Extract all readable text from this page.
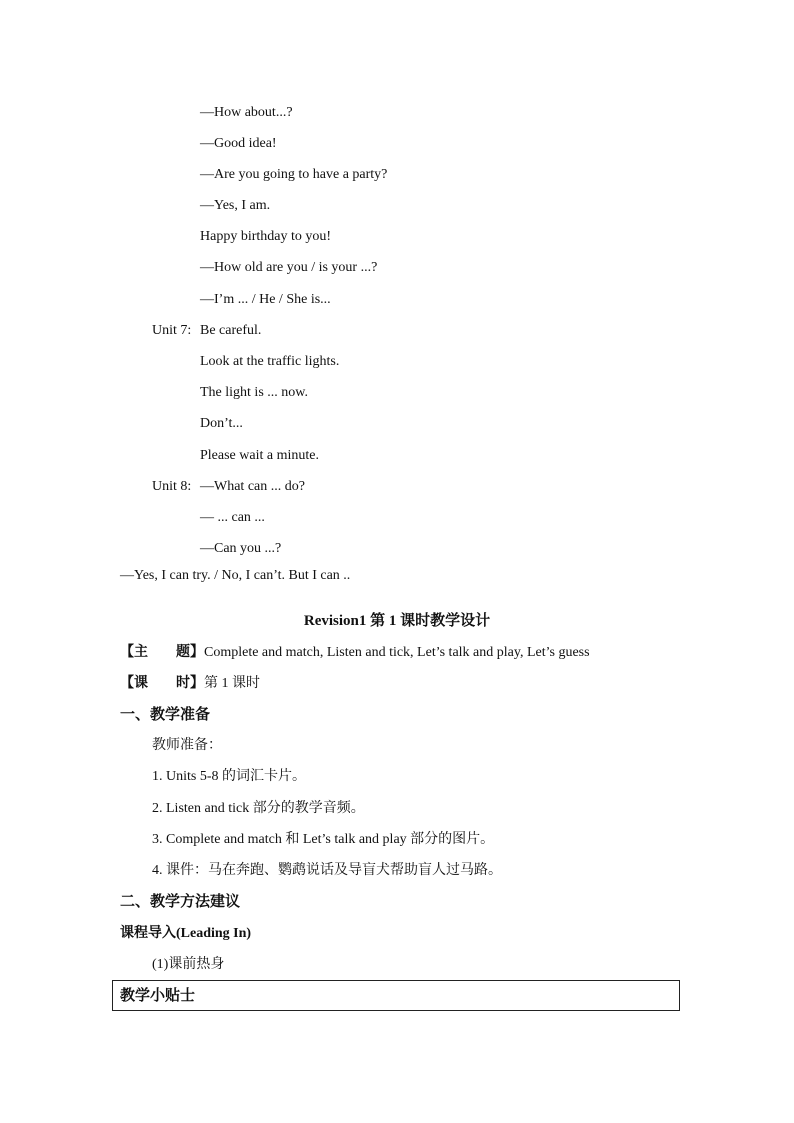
—How about...?
—Good idea!
—Are you going to have a party?
—Yes, I am.
Happy birthday to you!
—How old are you / is your ...?
—I’m ... / He / She is...
Unit 7: Be careful.
Look at the traffic lights.
The light is ... now.
Don’t...
Please wait a minute.
Unit 8: —What can ... do?
— ... can ...
—Can you ...?
—Yes, I can try. / No, I can’t. But I can ..
Revision1 第 1 课时教学设计
【主 题】Complete and match, Listen and tick, Let’s talk and play, Let’s guess
【课 时】第 1 课时
一、教学准备
教师准备：
1. Units 5-8 的词汇卡片。
2. Listen and tick 部分的教学音频。
3. Complete and match 和 Let’s talk and play 部分的图片。
4. 课件：马在奔跑、鹦鹉说话及导盲犬帮助盲人过马路。
二、教学方法建议
课程导入(Leading In)
(1)课前热身
教学小贴士
